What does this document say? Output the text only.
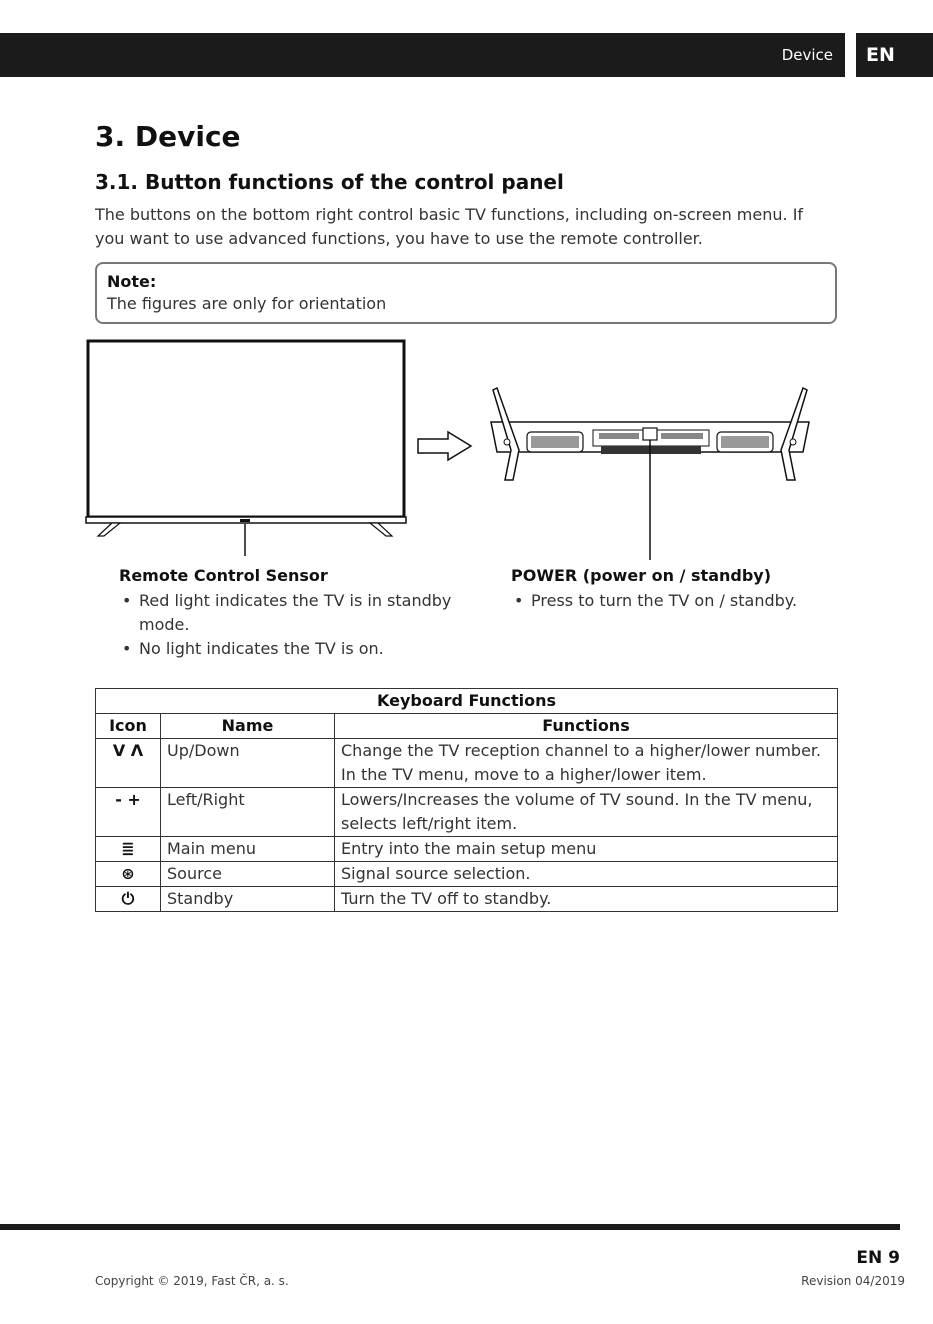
Device	EN
3. Device
3.1. Button functions of the control panel

The buttons on the bottom right control basic TV functions, including on-screen menu. If you want to use advanced functions, you have to use the remote controller.

Note:
The figures are only for orientation
Remote Control Sensor
• Red light indicates the TV is in standby mode.
• No light indicates the TV is on.
POWER (power on / standby)
• Press to turn the TV on / standby.
Keyboard Functions		
Icon	Name	Functions
V Λ	Up/Down	Change the TV reception channel to a higher/lower number. In the TV menu, move to a higher/lower item.
- +	Left/Right	Lowers/Increases the volume of TV sound. In the TV menu, selects left/right item.
≣	Main menu	Entry into the main setup menu
⊛	Source	Signal source selection.
⏻	Standby	Turn the TV off to standby.
EN 9
Copyright © 2019, Fast ČR, a. s.	Revision 04/2019
